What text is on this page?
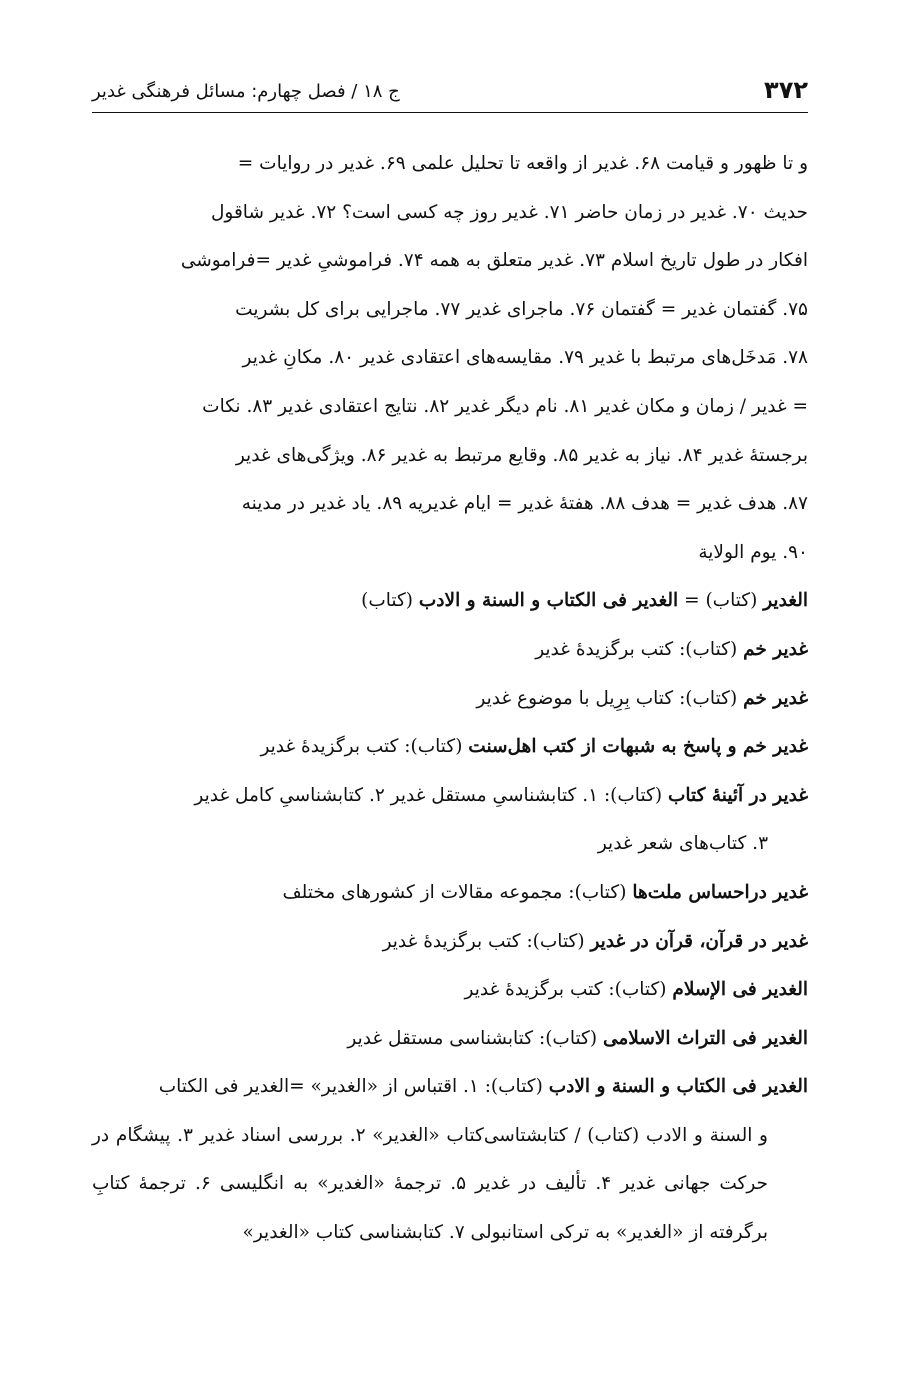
۳۷۲
ج ۱۸ / فصل چهارم: مسائل فرهنگی غدیر
و تا ظهور و قیامت ۶۸. غدیر از واقعه تا تحلیل علمی ۶۹. غدیر در روایات =
حدیث ۷۰. غدیر در زمان حاضر ۷۱. غدیر روز چه کسی است؟ ۷۲. غدیر شاقول
افکار در طول تاریخ اسلام ۷۳. غدیر متعلق به همه ۷۴. فراموشیِ غدیر =فراموشی
۷۵. گفتمان غدیر = گفتمان ۷۶. ماجرای غدیر ۷۷. ماجرایی برای کل بشریت
۷۸. مَدخَل‌های مرتبط با غدیر ۷۹. مقایسه‌های اعتقادی غدیر ۸۰. مکانِ غدیر
= غدیر / زمان و مکان غدیر ۸۱. نام دیگر غدیر ۸۲. نتایج اعتقادی غدیر ۸۳. نکات
برجستهٔ غدیر ۸۴. نیاز به غدیر ۸۵. وقایع مرتبط به غدیر ۸۶. ویژگی‌های غدیر
۸۷. هدف غدیر = هدف ۸۸. هفتهٔ غدیر = ایام غدیریه ۸۹. یاد غدیر در مدینه
۹۰. یوم الولایة
الغدیر (کتاب) = الغدیر فی الکتاب و السنة و الادب (کتاب)
غدیر خم (کتاب): کتب برگزیدهٔ غدیر
غدیر خم (کتاب): کتاب بِرِیل با موضوع غدیر
غدیر خم و پاسخ به شبهات از کتب اهل‌سنت (کتاب): کتب برگزیدهٔ غدیر
غدیر در آئینهٔ کتاب (کتاب): ۱. کتابشناسیِ مستقل غدیر ۲. کتابشناسیِ کامل غدیر
۳. کتاب‌های شعر غدیر
غدیر دراحساس ملت‌ها (کتاب): مجموعه مقالات از کشورهای مختلف
غدیر در قرآن، قرآن در غدیر (کتاب): کتب برگزیدهٔ غدیر
الغدیر فی الإسلام (کتاب): کتب برگزیدهٔ غدیر
الغدیر فی التراث الاسلامی (کتاب): کتابشناسی مستقل غدیر
الغدیر فی الکتاب و السنة و الادب (کتاب): ۱. اقتباس از «الغدیر» =الغدیر فی الکتاب
و السنة و الادب (کتاب) / کتابشتاسی‌کتاب «الغدیر» ۲. بررسی اسناد غدیر ۳. پیشگام در حرکت جهانی غدیر ۴. تألیف در غدیر ۵. ترجمهٔ «الغدیر» به انگلیسی ۶. ترجمهٔ کتابِ برگرفته از «الغدیر» به ترکی استانبولی ۷. کتابشناسی کتاب «الغدیر»
